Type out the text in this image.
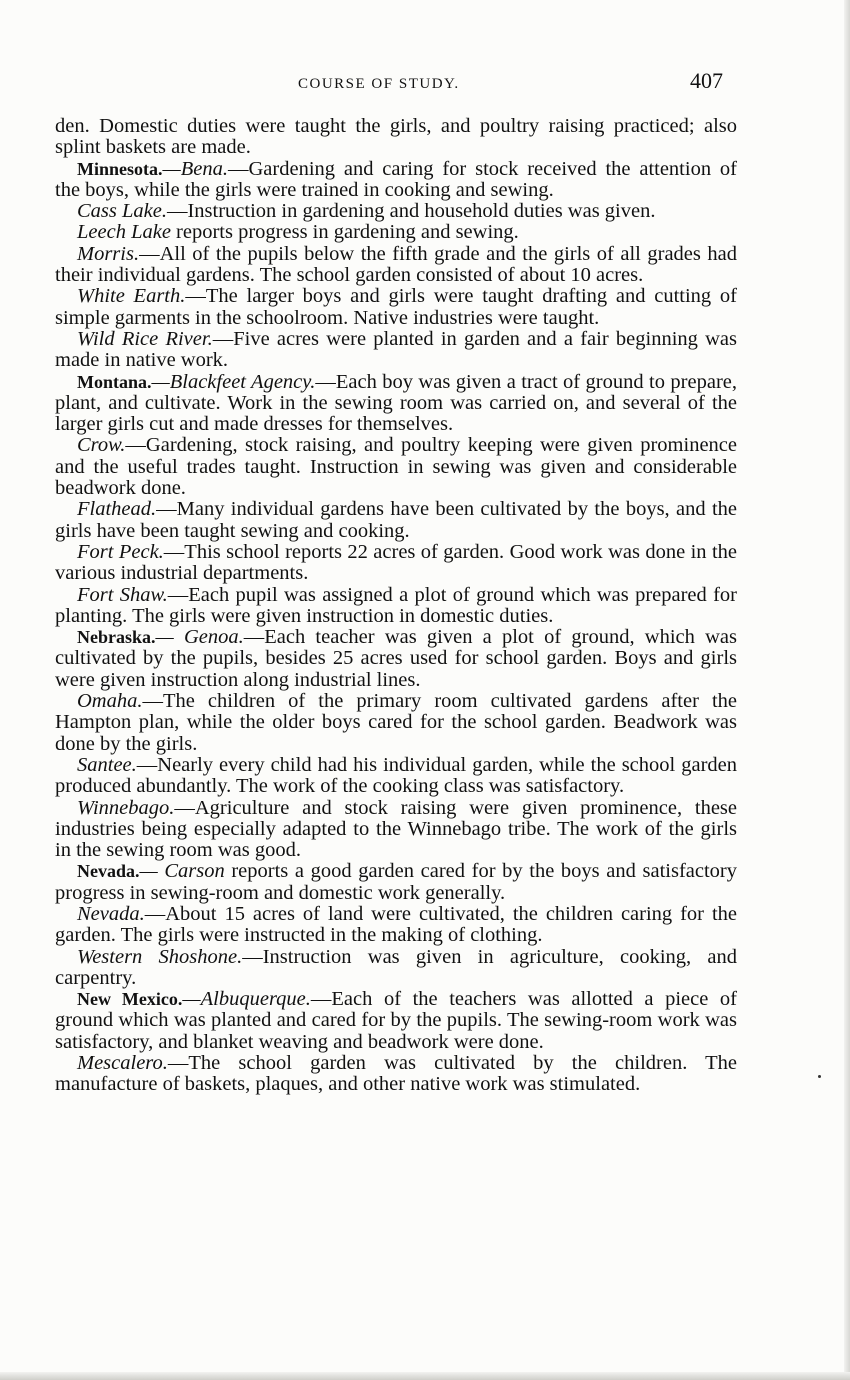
COURSE OF STUDY.	407

den. Domestic duties were taught the girls, and poultry raising practiced; also splint baskets are made.

Minnesota.—Bena.—Gardening and caring for stock received the attention of the boys, while the girls were trained in cooking and sewing.

Cass Lake.—Instruction in gardening and household duties was given.

Leech Lake reports progress in gardening and sewing.

Morris.—All of the pupils below the fifth grade and the girls of all grades had their individual gardens. The school garden consisted of about 10 acres.

White Earth.—The larger boys and girls were taught drafting and cutting of simple garments in the schoolroom. Native industries were taught.

Wild Rice River.—Five acres were planted in garden and a fair beginning was made in native work.

Montana.—Blackfeet Agency.—Each boy was given a tract of ground to prepare, plant, and cultivate. Work in the sewing room was carried on, and several of the larger girls cut and made dresses for themselves.

Crow.—Gardening, stock raising, and poultry keeping were given prominence and the useful trades taught. Instruction in sewing was given and considerable beadwork done.

Flathead.—Many individual gardens have been cultivated by the boys, and the girls have been taught sewing and cooking.

Fort Peck.—This school reports 22 acres of garden. Good work was done in the various industrial departments.

Fort Shaw.—Each pupil was assigned a plot of ground which was prepared for planting. The girls were given instruction in domestic duties.

Nebraska.— Genoa.—Each teacher was given a plot of ground, which was cultivated by the pupils, besides 25 acres used for school garden. Boys and girls were given instruction along industrial lines.

Omaha.—The children of the primary room cultivated gardens after the Hampton plan, while the older boys cared for the school garden. Beadwork was done by the girls.

Santee.—Nearly every child had his individual garden, while the school garden produced abundantly. The work of the cooking class was satisfactory.

Winnebago.—Agriculture and stock raising were given prominence, these industries being especially adapted to the Winnebago tribe. The work of the girls in the sewing room was good.

Nevada.— Carson reports a good garden cared for by the boys and satisfactory progress in sewing-room and domestic work generally.

Nevada.—About 15 acres of land were cultivated, the children caring for the garden. The girls were instructed in the making of clothing.

Western Shoshone.—Instruction was given in agriculture, cooking, and carpentry.

New Mexico.—Albuquerque.—Each of the teachers was allotted a piece of ground which was planted and cared for by the pupils. The sewing-room work was satisfactory, and blanket weaving and beadwork were done.

Mescalero.—The school garden was cultivated by the children. The manufacture of baskets, plaques, and other native work was stimulated.
